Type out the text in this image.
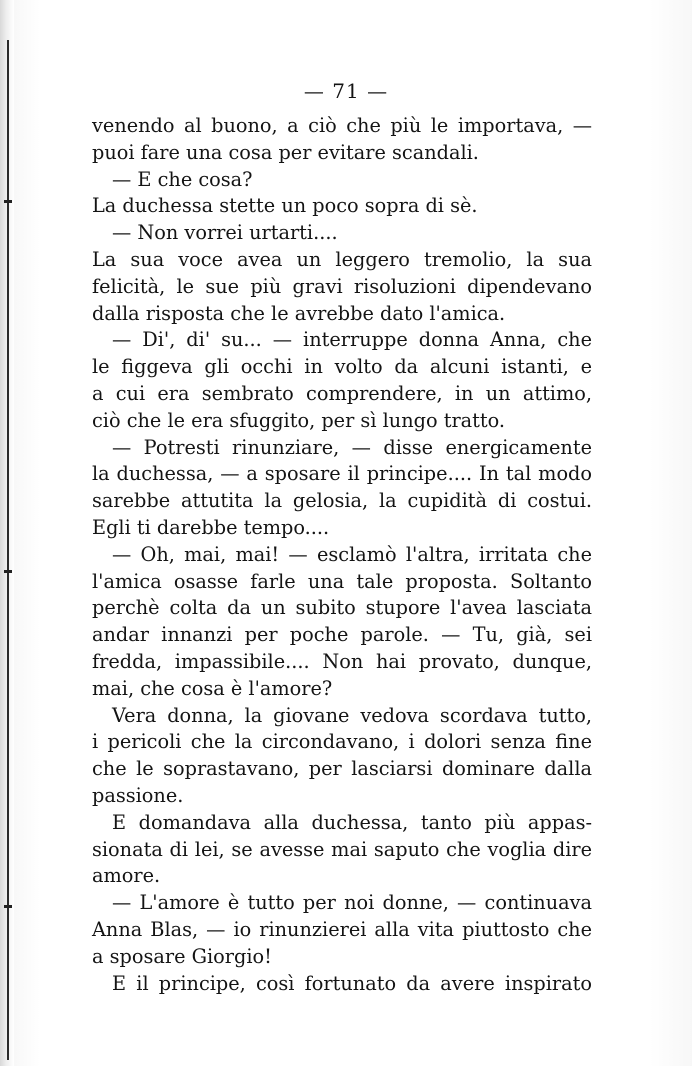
— 71 —
venendo al buono, a ciò che più le importava, —
puoi fare una cosa per evitare scandali.
— E che cosa?
La duchessa stette un poco sopra di sè.
— Non vorrei urtarti....
La sua voce avea un leggero tremolio, la sua
felicità, le sue più gravi risoluzioni dipendevano
dalla risposta che le avrebbe dato l'amica.
— Di', di' su... — interruppe donna Anna, che
le figgeva gli occhi in volto da alcuni istanti, e
a cui era sembrato comprendere, in un attimo,
ciò che le era sfuggito, per sì lungo tratto.
— Potresti rinunziare, — disse energicamente
la duchessa, — a sposare il principe.... In tal modo
sarebbe attutita la gelosia, la cupidità di costui.
Egli ti darebbe tempo....
— Oh, mai, mai! — esclamò l'altra, irritata che
l'amica osasse farle una tale proposta. Soltanto
perchè colta da un subito stupore l'avea lasciata
andar innanzi per poche parole. — Tu, già, sei
fredda, impassibile.... Non hai provato, dunque,
mai, che cosa è l'amore?
Vera donna, la giovane vedova scordava tutto,
i pericoli che la circondavano, i dolori senza fine
che le soprastavano, per lasciarsi dominare dalla
passione.
E domandava alla duchessa, tanto più appas-
sionata di lei, se avesse mai saputo che voglia dire
amore.
— L'amore è tutto per noi donne, — continuava
Anna Blas, — io rinunzierei alla vita piuttosto che
a sposare Giorgio!
E il principe, così fortunato da avere inspirato
